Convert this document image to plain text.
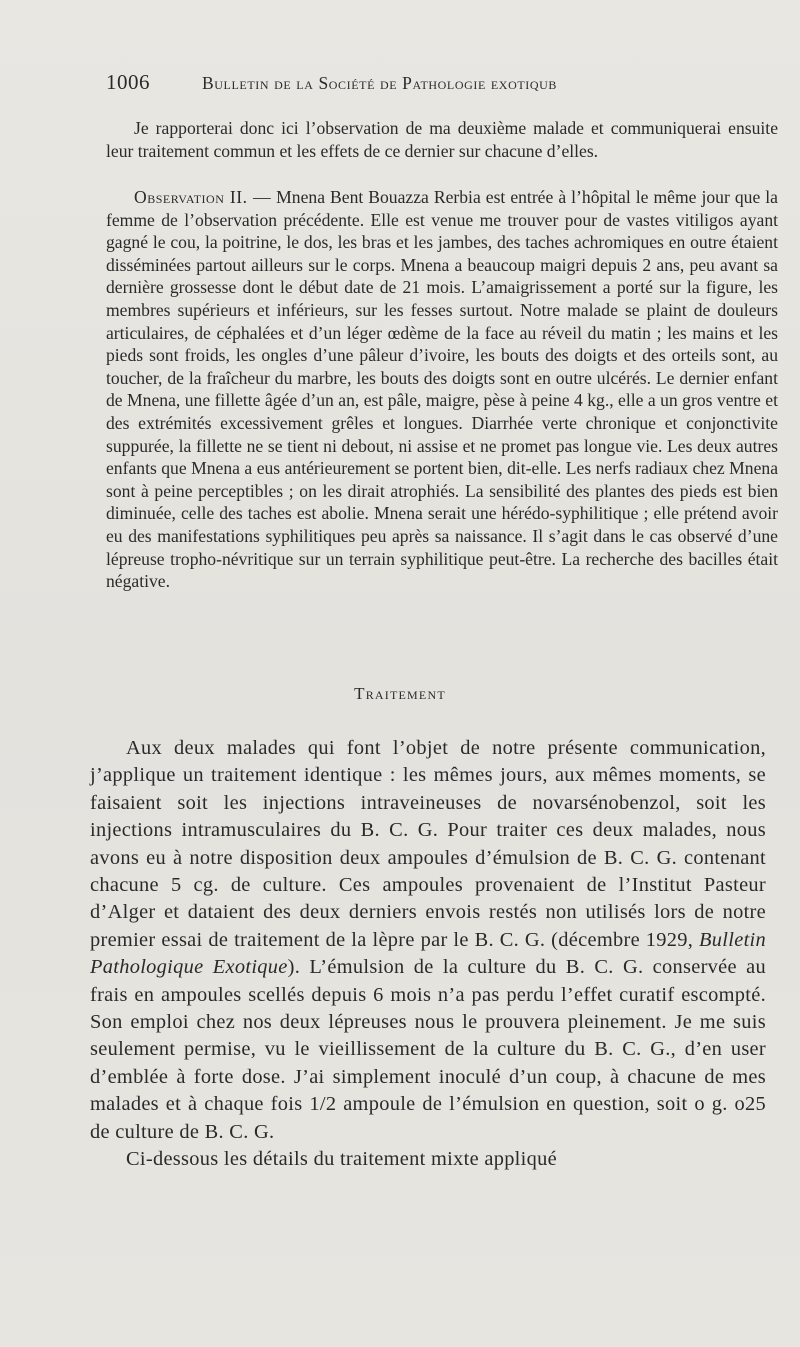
1006	Bulletin de la Société de Pathologie exotiqub

Je rapporterai donc ici l’observation de ma deuxième malade et communiquerai ensuite leur traitement commun et les effets de ce dernier sur chacune d’elles.

Observation II. — Mnena Bent Bouazza Rerbia est entrée à l’hôpital le même jour que la femme de l’observation précédente. Elle est venue me trouver pour de vastes vitiligos ayant gagné le cou, la poitrine, le dos, les bras et les jambes, des taches achromiques en outre étaient disséminées partout ailleurs sur le corps. Mnena a beaucoup maigri depuis 2 ans, peu avant sa dernière grossesse dont le début date de 21 mois. L’amaigrissement a porté sur la figure, les membres supérieurs et inférieurs, sur les fesses surtout. Notre malade se plaint de douleurs articulaires, de céphalées et d’un léger œdème de la face au réveil du matin ; les mains et les pieds sont froids, les ongles d’une pâleur d’ivoire, les bouts des doigts et des orteils sont, au toucher, de la fraîcheur du marbre, les bouts des doigts sont en outre ulcérés. Le dernier enfant de Mnena, une fillette âgée d’un an, est pâle, maigre, pèse à peine 4 kg., elle a un gros ventre et des extrémités excessivement grêles et longues. Diarrhée verte chronique et conjonctivite suppurée, la fillette ne se tient ni debout, ni assise et ne promet pas longue vie. Les deux autres enfants que Mnena a eus antérieurement se portent bien, dit-elle. Les nerfs radiaux chez Mnena sont à peine perceptibles ; on les dirait atrophiés. La sensibilité des plantes des pieds est bien diminuée, celle des taches est abolie. Mnena serait une hérédo-syphilitique ; elle prétend avoir eu des manifestations syphilitiques peu après sa naissance. Il s’agit dans le cas observé d’une lépreuse tropho-névritique sur un terrain syphilitique peut-être. La recherche des bacilles était négative.

Traitement

Aux deux malades qui font l’objet de notre présente communication, j’applique un traitement identique : les mêmes jours, aux mêmes moments, se faisaient soit les injections intraveineuses de novarsénobenzol, soit les injections intramusculaires du B. C. G. Pour traiter ces deux malades, nous avons eu à notre disposition deux ampoules d’émulsion de B. C. G. contenant chacune 5 cg. de culture. Ces ampoules provenaient de l’Institut Pasteur d’Alger et dataient des deux derniers envois restés non utilisés lors de notre premier essai de traitement de la lèpre par le B. C. G. (décembre 1929, Bulletin Pathologique Exotique). L’émulsion de la culture du B. C. G. conservée au frais en ampoules scellés depuis 6 mois n’a pas perdu l’effet curatif escompté. Son emploi chez nos deux lépreuses nous le prouvera pleinement. Je me suis seulement permise, vu le vieillissement de la culture du B. C. G., d’en user d’emblée à forte dose. J’ai simplement inoculé d’un coup, à chacune de mes malades et à chaque fois 1/2 ampoule de l’émulsion en question, soit o g. o25 de culture de B. C. G.

Ci-dessous les détails du traitement mixte appliqué
